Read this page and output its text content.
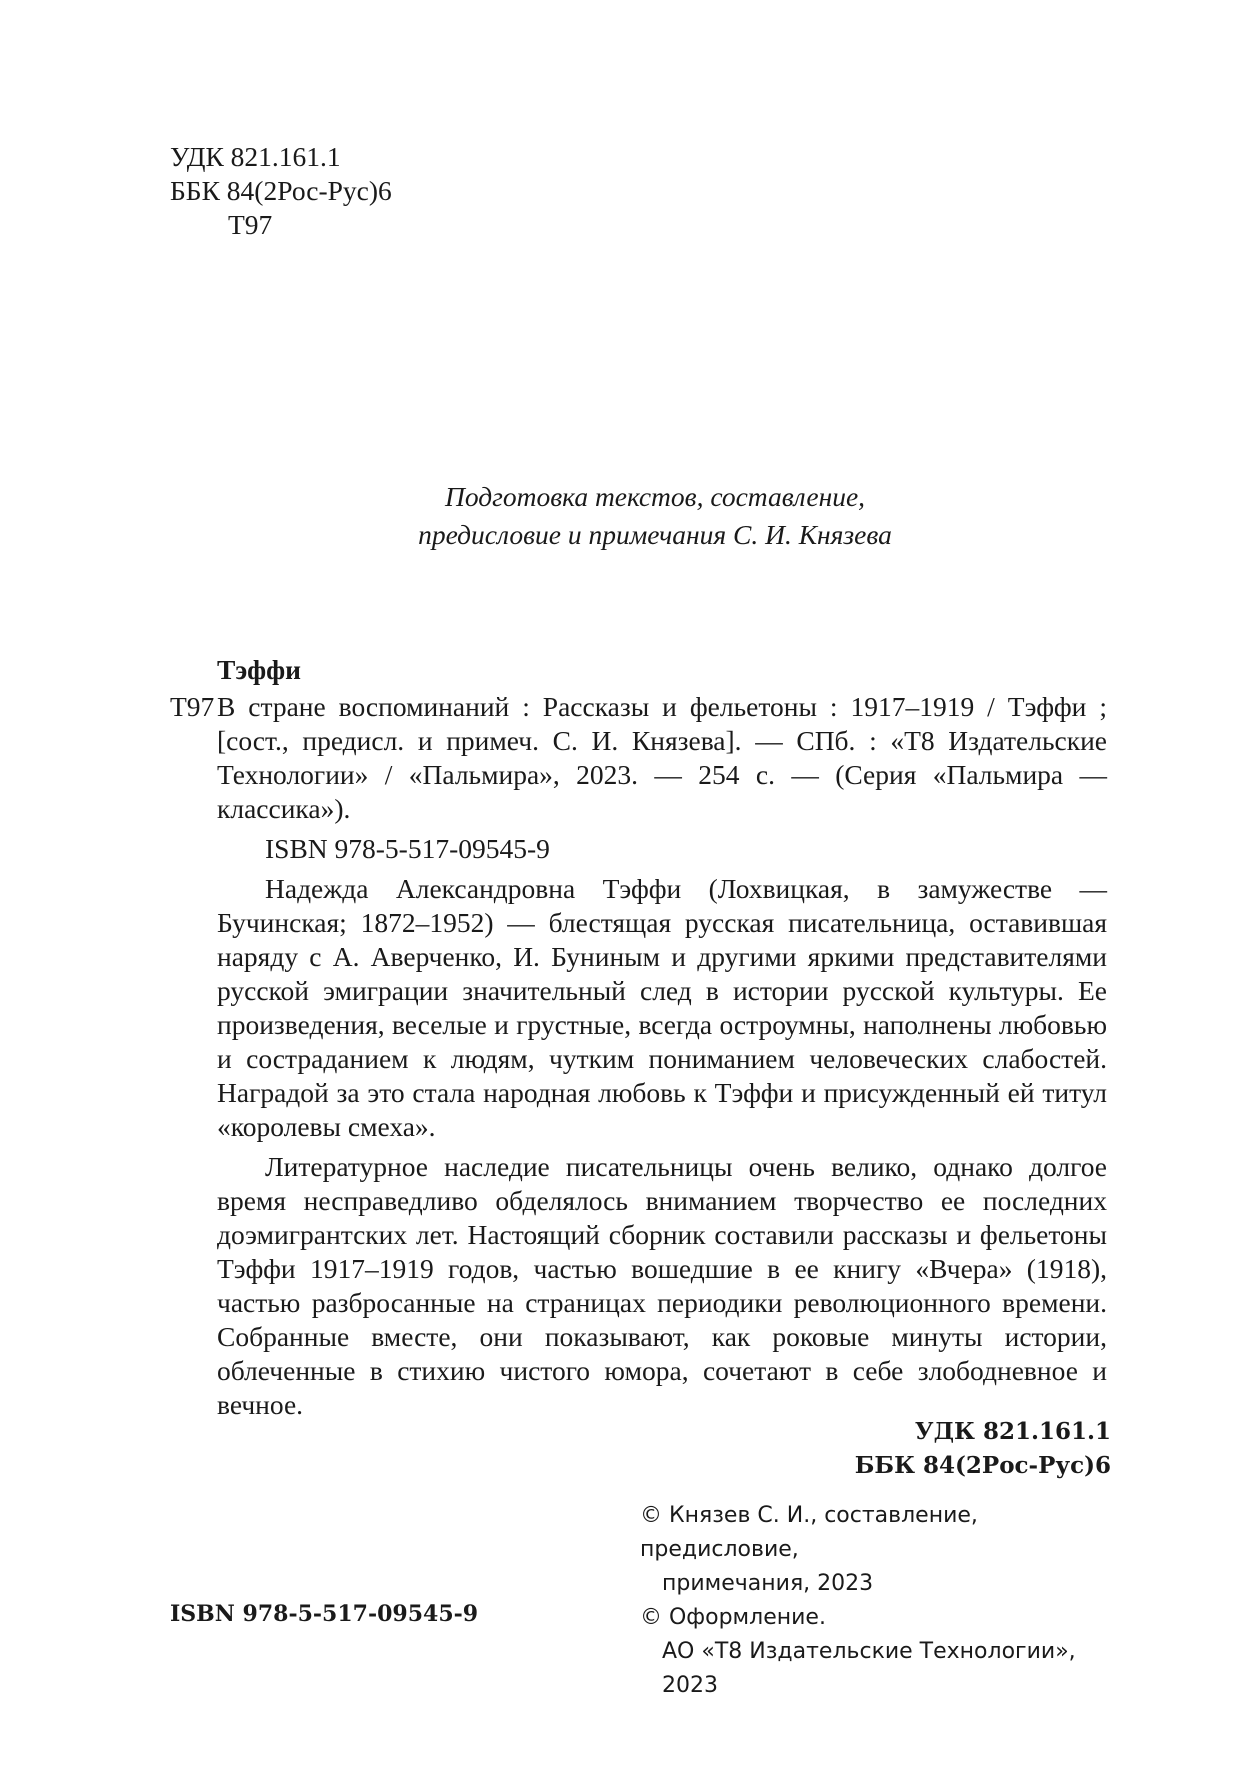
УДК 821.161.1
ББК 84(2Рос-Рус)6
Т97
Подготовка текстов, составление,
предисловие и примечания С. И. Князева
Тэффи
Т97 В стране воспоминаний : Рассказы и фельетоны : 1917–1919 / Тэффи ; [сост., предисл. и примеч. С. И. Князева]. — СПб. : «Т8 Издательские Технологии» / «Пальмира», 2023. — 254 с. — (Серия «Пальмира — классика»).

ISBN 978-5-517-09545-9

Надежда Александровна Тэффи (Лохвицкая, в замужестве — Бучинская; 1872–1952) — блестящая русская писательница, оставившая наряду с А. Аверченко, И. Буниным и другими яркими представителями русской эмиграции значительный след в истории русской культуры. Ее произведения, веселые и грустные, всегда остроумны, наполнены любовью и состраданием к людям, чутким пониманием человеческих слабостей. Наградой за это стала народная любовь к Тэффи и присужденный ей титул «королевы смеха».

Литературное наследие писательницы очень велико, однако долгое время несправедливо обделялось вниманием творчество ее последних доэмигрантских лет. Настоящий сборник составили рассказы и фельетоны Тэффи 1917–1919 годов, частью вошедшие в ее книгу «Вчера» (1918), частью разбросанные на страницах периодики революционного времени. Собранные вместе, они показывают, как роковые минуты истории, облеченные в стихию чистого юмора, сочетают в себе злободневное и вечное.

УДК 821.161.1
ББК 84(2Рос-Рус)6
© Князев С. И., составление, предисловие,
примечания, 2023
© Оформление.
АО «Т8 Издательские Технологии», 2023
ISBN 978-5-517-09545-9
